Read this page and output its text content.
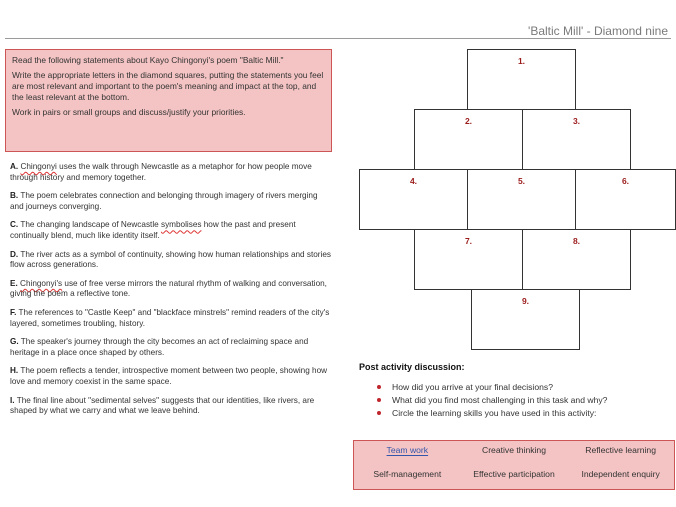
'Baltic Mill' - Diamond nine

Read the following statements about Kayo Chingonyi's poem "Baltic Mill."

Write the appropriate letters in the diamond squares, putting the statements you feel are most relevant and important to the poem's meaning and impact at the top, and the least relevant at the bottom.

Work in pairs or small groups and discuss/justify your priorities.

A. Chingonyi uses the walk through Newcastle as a metaphor for how people move through history and memory together.

B. The poem celebrates connection and belonging through imagery of rivers merging and journeys converging.

C. The changing landscape of Newcastle symbolises how the past and present continually blend, much like identity itself.

D. The river acts as a symbol of continuity, showing how human relationships and stories flow across generations.

E. Chingonyi's use of free verse mirrors the natural rhythm of walking and conversation, giving the poem a reflective tone.

F. The references to "Castle Keep" and "blackface minstrels" remind readers of the city's layered, sometimes troubling, history.

G. The speaker's journey through the city becomes an act of reclaiming space and heritage in a place once shaped by others.

H. The poem reflects a tender, introspective moment between two people, showing how love and memory coexist in the same space.

I. The final line about "sedimental selves" suggests that our identities, like rivers, are shaped by what we carry and what we leave behind.

1.
2.	3.
4.	5.	6.
7.	8.
9.
Post activity discussion:
How did you arrive at your final decisions?
What did you find most challenging in this task and why?
Circle the learning skills you have used in this activity:
Team work	Creative thinking	Reflective learning
Self-management	Effective participation	Independent enquiry
